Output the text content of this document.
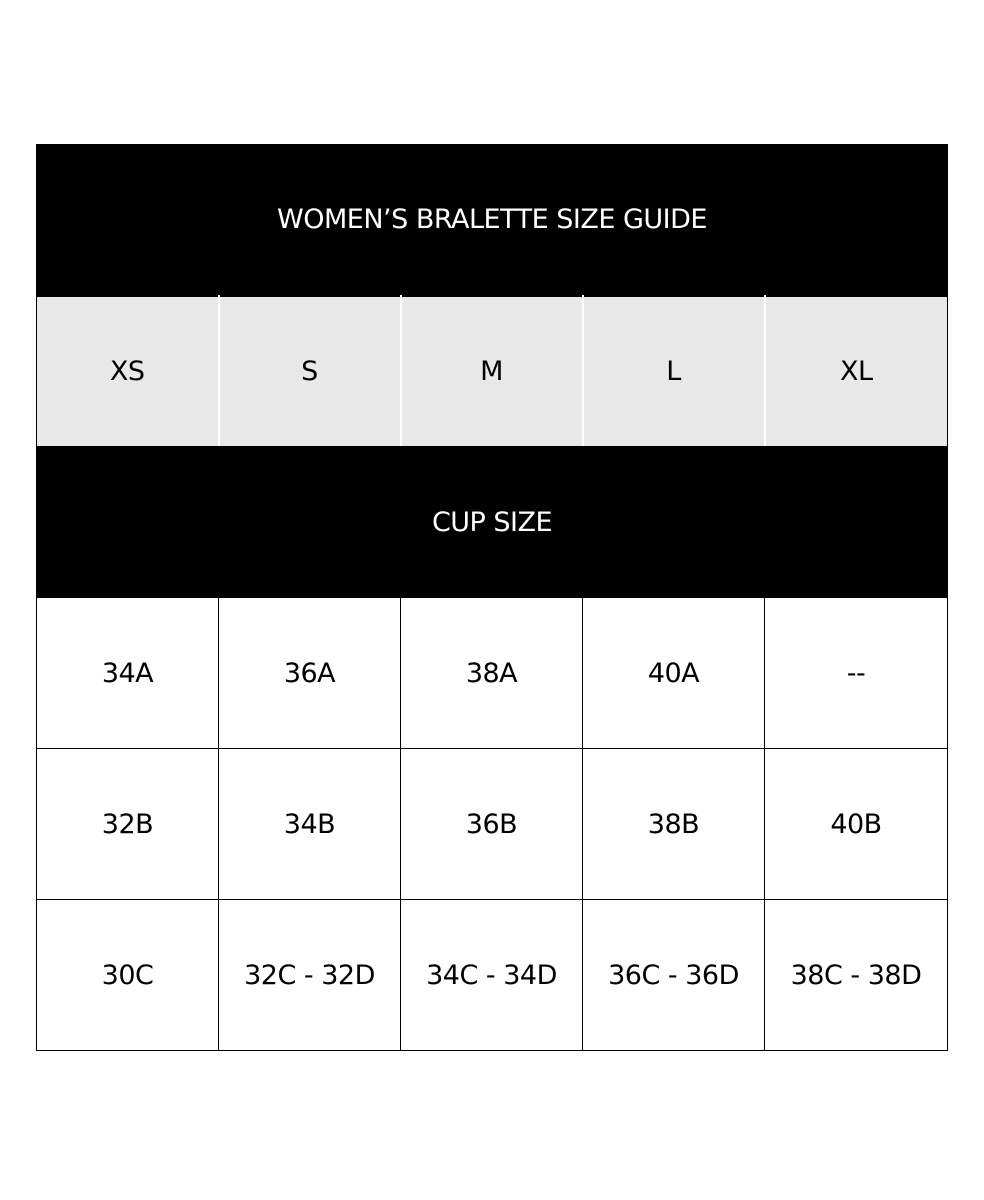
WOMEN’S BRALETTE SIZE GUIDE				
XS	S	M	L	XL
CUP SIZE				
34A	36A	38A	40A	--
32B	34B	36B	38B	40B
30C	32C - 32D	34C - 34D	36C - 36D	38C - 38D
